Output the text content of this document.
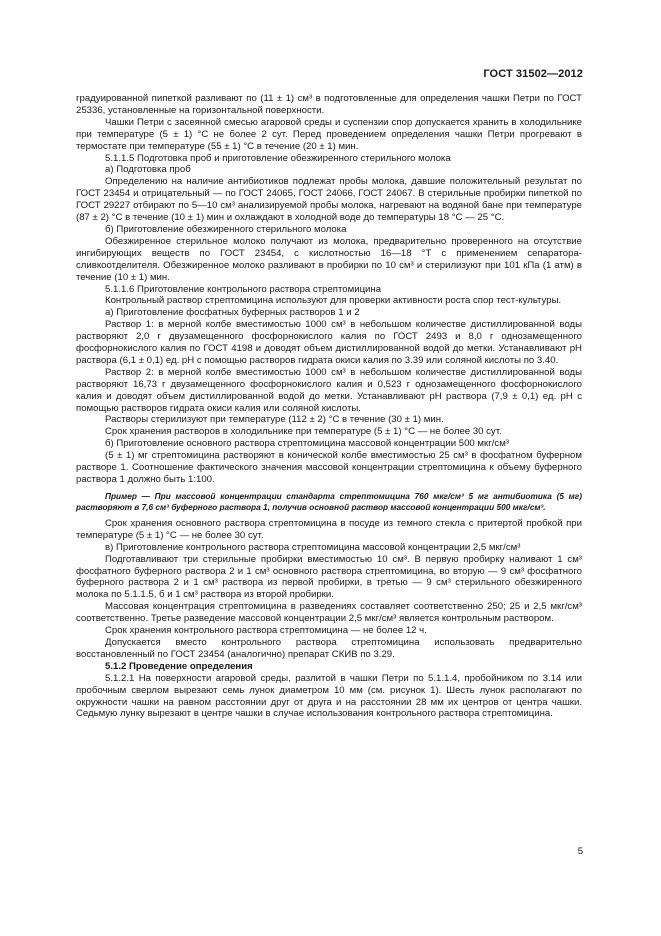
ГОСТ 31502—2012

градуированной пипеткой разливают по (11 ± 1) см³ в подготовленные для определения чашки Петри по ГОСТ 25336, установленные на горизонтальной поверхности.

Чашки Петри с засеянной смесью агаровой среды и суспензии спор допускается хранить в холодильнике при температуре (5 ± 1) °С не более 2 сут. Перед проведением определения чашки Петри прогревают в термостате при температуре (55 ± 1) °С в течение (20 ± 1) мин.

5.1.1.5 Подготовка проб и приготовление обезжиренного стерильного молока

а) Подготовка проб

Определению на наличие антибиотиков подлежат пробы молока, давшие положительный результат по ГОСТ 23454 и отрицательный — по ГОСТ 24065, ГОСТ 24066, ГОСТ 24067. В стерильные пробирки пипеткой по ГОСТ 29227 отбирают по 5—10 см³ анализируемой пробы молока, нагревают на водяной бане при температуре (87 ± 2) °С в течение (10 ± 1) мин и охлаждают в холодной воде до температуры 18 °С — 25 °С.

б) Приготовление обезжиренного стерильного молока

Обезжиренное стерильное молоко получают из молока, предварительно проверенного на отсутствие ингибирующих веществ по ГОСТ 23454, с кислотностью 16—18 °Т с применением сепаратора-сливкоотделителя. Обезжиренное молоко разливают в пробирки по 10 см³ и стерилизуют при 101 кПа (1 атм) в течение (10 ± 1) мин.

5.1.1.6 Приготовление контрольного раствора стрептомицина

Контрольный раствор стрептомицина используют для проверки активности роста спор тест-культуры.

а) Приготовление фосфатных буферных растворов 1 и 2

Раствор 1: в мерной колбе вместимостью 1000 см³ в небольшом количестве дистиллированной воды растворяют 2,0 г двузамещенного фосфорнокислого калия по ГОСТ 2493 и 8,0 г однозамещенного фосфорнокислого калия по ГОСТ 4198 и доводят объем дистиллированной водой до метки. Устанавливают рН раствора (6,1 ± 0,1) ед. рН с помощью растворов гидрата окиси калия по 3.39 или соляной кислоты по 3.40.

Раствор 2: в мерной колбе вместимостью 1000 см³ в небольшом количестве дистиллированной воды растворяют 16,73 г двузамещенного фосфорнокислого калия и 0,523 г однозамещенного фосфорнокислого калия и доводят объем дистиллированной водой до метки. Устанавливают рН раствора (7,9 ± 0,1) ед. рН с помощью растворов гидрата окиси калия или соляной кислоты.

Растворы стерилизуют при температуре (112 ± 2) °С в течение (30 ± 1) мин.

Срок хранения растворов в холодильнике при температуре (5 ± 1) °С — не более 30 сут.

б) Приготовление основного раствора стрептомицина массовой концентрации 500 мкг/см³

(5 ± 1) мг стрептомицина растворяют в конической колбе вместимостью 25 см³ в фосфатном буферном растворе 1. Соотношение фактического значения массовой концентрации стрептомицина к объему буферного раствора 1 должно быть 1:100.

Пример — При массовой концентрации стандарта стрептомицина 760 мкг/см³ 5 мг антибиотика (5 мг) растворяют в 7,6 см³ буферного раствора 1, получив основной раствор массовой концентрации 500 мкг/см³.

Срок хранения основного раствора стрептомицина в посуде из темного стекла с притертой пробкой при температуре (5 ± 1) °С — не более 30 сут.

в) Приготовление контрольного раствора стрептомицина массовой концентрации 2,5 мкг/см³

Подготавливают три стерильные пробирки вместимостью 10 см³. В первую пробирку наливают 1 см³ фосфатного буферного раствора 2 и 1 см³ основного раствора стрептомицина, во вторую — 9 см³ фосфатного буферного раствора 2 и 1 см³ раствора из первой пробирки, в третью — 9 см³ стерильного обезжиренного молока по 5.1.1.5, б и 1 см³ раствора из второй пробирки.

Массовая концентрация стрептомицина в разведениях составляет соответственно 250; 25 и 2,5 мкг/см³ соответственно. Третье разведение массовой концентрации 2,5 мкг/см³ является контрольным раствором.

Срок хранения контрольного раствора стрептомицина — не более 12 ч.

Допускается вместо контрольного раствора стрептомицина использовать предварительно восстановленный по ГОСТ 23454 (аналогично) препарат СКИВ по 3.29.

5.1.2 Проведение определения

5.1.2.1 На поверхности агаровой среды, разлитой в чашки Петри по 5.1.1.4, пробойником по 3.14 или пробочным сверлом вырезают семь лунок диаметром 10 мм (см. рисунок 1). Шесть лунок располагают по окружности чашки на равном расстоянии друг от друга и на расстоянии 28 мм их центров от центра чашки. Седьмую лунку вырезают в центре чашки в случае использования контрольного раствора стрептомицина.

5
